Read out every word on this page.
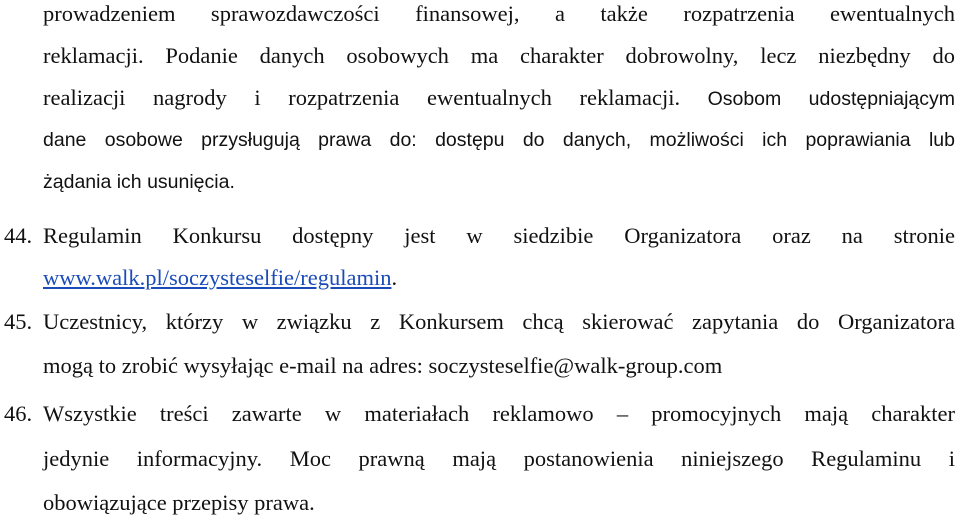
prowadzeniem sprawozdawczości finansowej, a także rozpatrzenia ewentualnych
reklamacji. Podanie danych osobowych ma charakter dobrowolny, lecz niezbędny do
realizacji nagrody i rozpatrzenia ewentualnych reklamacji. Osobom udostępniającym
dane osobowe przysługują prawa do: dostępu do danych, możliwości ich poprawiania lub
żądania ich usunięcia.
44. Regulamin Konkursu dostępny jest w siedzibie Organizatora oraz na stronie
www.walk.pl/soczysteselfie/regulamin.
45. Uczestnicy, którzy w związku z Konkursem chcą skierować zapytania do Organizatora
mogą to zrobić wysyłając e-mail na adres: soczysteselfie@walk-group.com
46. Wszystkie treści zawarte w materiałach reklamowo – promocyjnych mają charakter
jedynie informacyjny. Moc prawną mają postanowienia niniejszego Regulaminu i
obowiązujące przepisy prawa.
